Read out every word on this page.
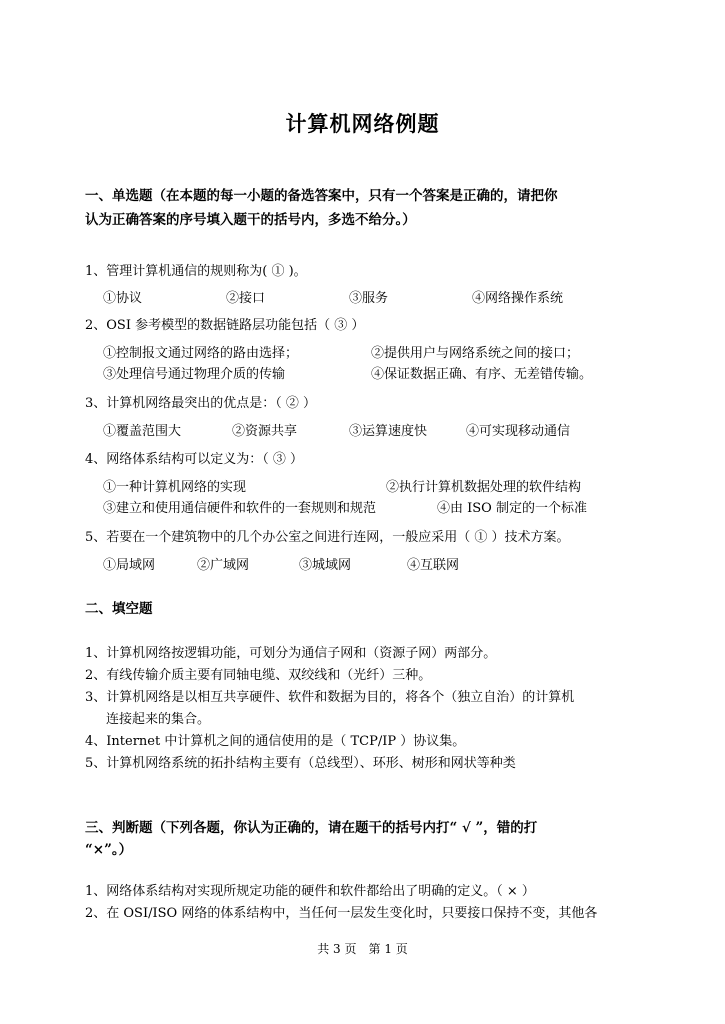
计算机网络例题
一、单选题（在本题的每一小题的备选答案中，只有一个答案是正确的，请把你
认为正确答案的序号填入题干的括号内，多选不给分。）
1、管理计算机通信的规则称为( ① )。
①协议	②接口	③服务	④网络操作系统
2、OSI 参考模型的数据链路层功能包括（ ③ ）
①控制报文通过网络的路由选择；	②提供用户与网络系统之间的接口；
③处理信号通过物理介质的传输	④保证数据正确、有序、无差错传输。
3、计算机网络最突出的优点是：（ ② ）
①覆盖范围大	②资源共享	③运算速度快	④可实现移动通信
4、网络体系结构可以定义为：（ ③ ）
①一种计算机网络的实现	②执行计算机数据处理的软件结构
③建立和使用通信硬件和软件的一套规则和规范	④由 ISO 制定的一个标准
5、若要在一个建筑物中的几个办公室之间进行连网，一般应采用（ ① ）技术方案。
①局域网	②广域网	③城域网	④互联网
二、填空题
1、计算机网络按逻辑功能，可划分为通信子网和（资源子网）两部分。
2、有线传输介质主要有同轴电缆、双绞线和（光纤）三种。
3、计算机网络是以相互共享硬件、软件和数据为目的，将各个（独立自治）的计算机
连接起来的集合。
4、Internet 中计算机之间的通信使用的是（ TCP/IP ）协议集。
5、计算机网络系统的拓扑结构主要有（总线型）、环形、树形和网状等种类
三、判断题（下列各题，你认为正确的，请在题干的括号内打“ √ ”，错的打
“×”。）
1、网络体系结构对实现所规定功能的硬件和软件都给出了明确的定义。（ × ）
2、在 OSI/ISO 网络的体系结构中，当任何一层发生变化时，只要接口保持不变，其他各
共 3 页　第 1 页
